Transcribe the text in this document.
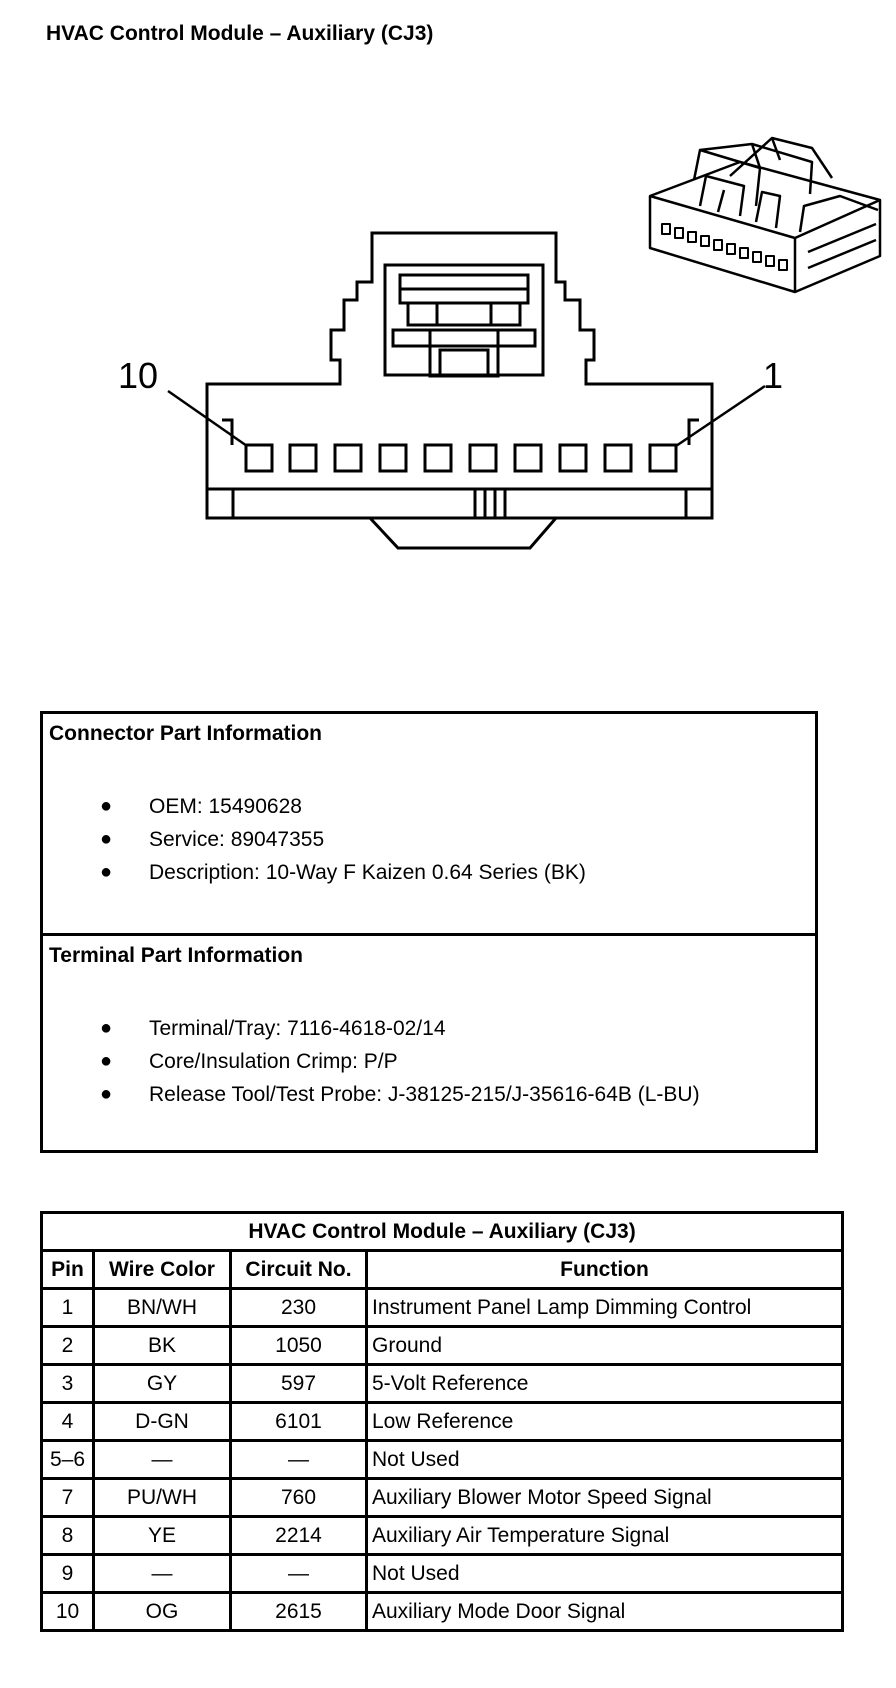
HVAC Control Module – Auxiliary (CJ3)
10	1
Connector Part Information
● OEM: 15490628
● Service: 89047355
● Description: 10-Way F Kaizen 0.64 Series (BK)
Terminal Part Information
● Terminal/Tray: 7116-4618-02/14
● Core/Insulation Crimp: P/P
● Release Tool/Test Probe: J-38125-215/J-35616-64B (L-BU)
HVAC Control Module – Auxiliary (CJ3)			
Pin	Wire Color	Circuit No.	Function
1	BN/WH	230	Instrument Panel Lamp Dimming Control
2	BK	1050	Ground
3	GY	597	5-Volt Reference
4	D-GN	6101	Low Reference
5–6	—	—	Not Used
7	PU/WH	760	Auxiliary Blower Motor Speed Signal
8	YE	2214	Auxiliary Air Temperature Signal
9	—	—	Not Used
10	OG	2615	Auxiliary Mode Door Signal
